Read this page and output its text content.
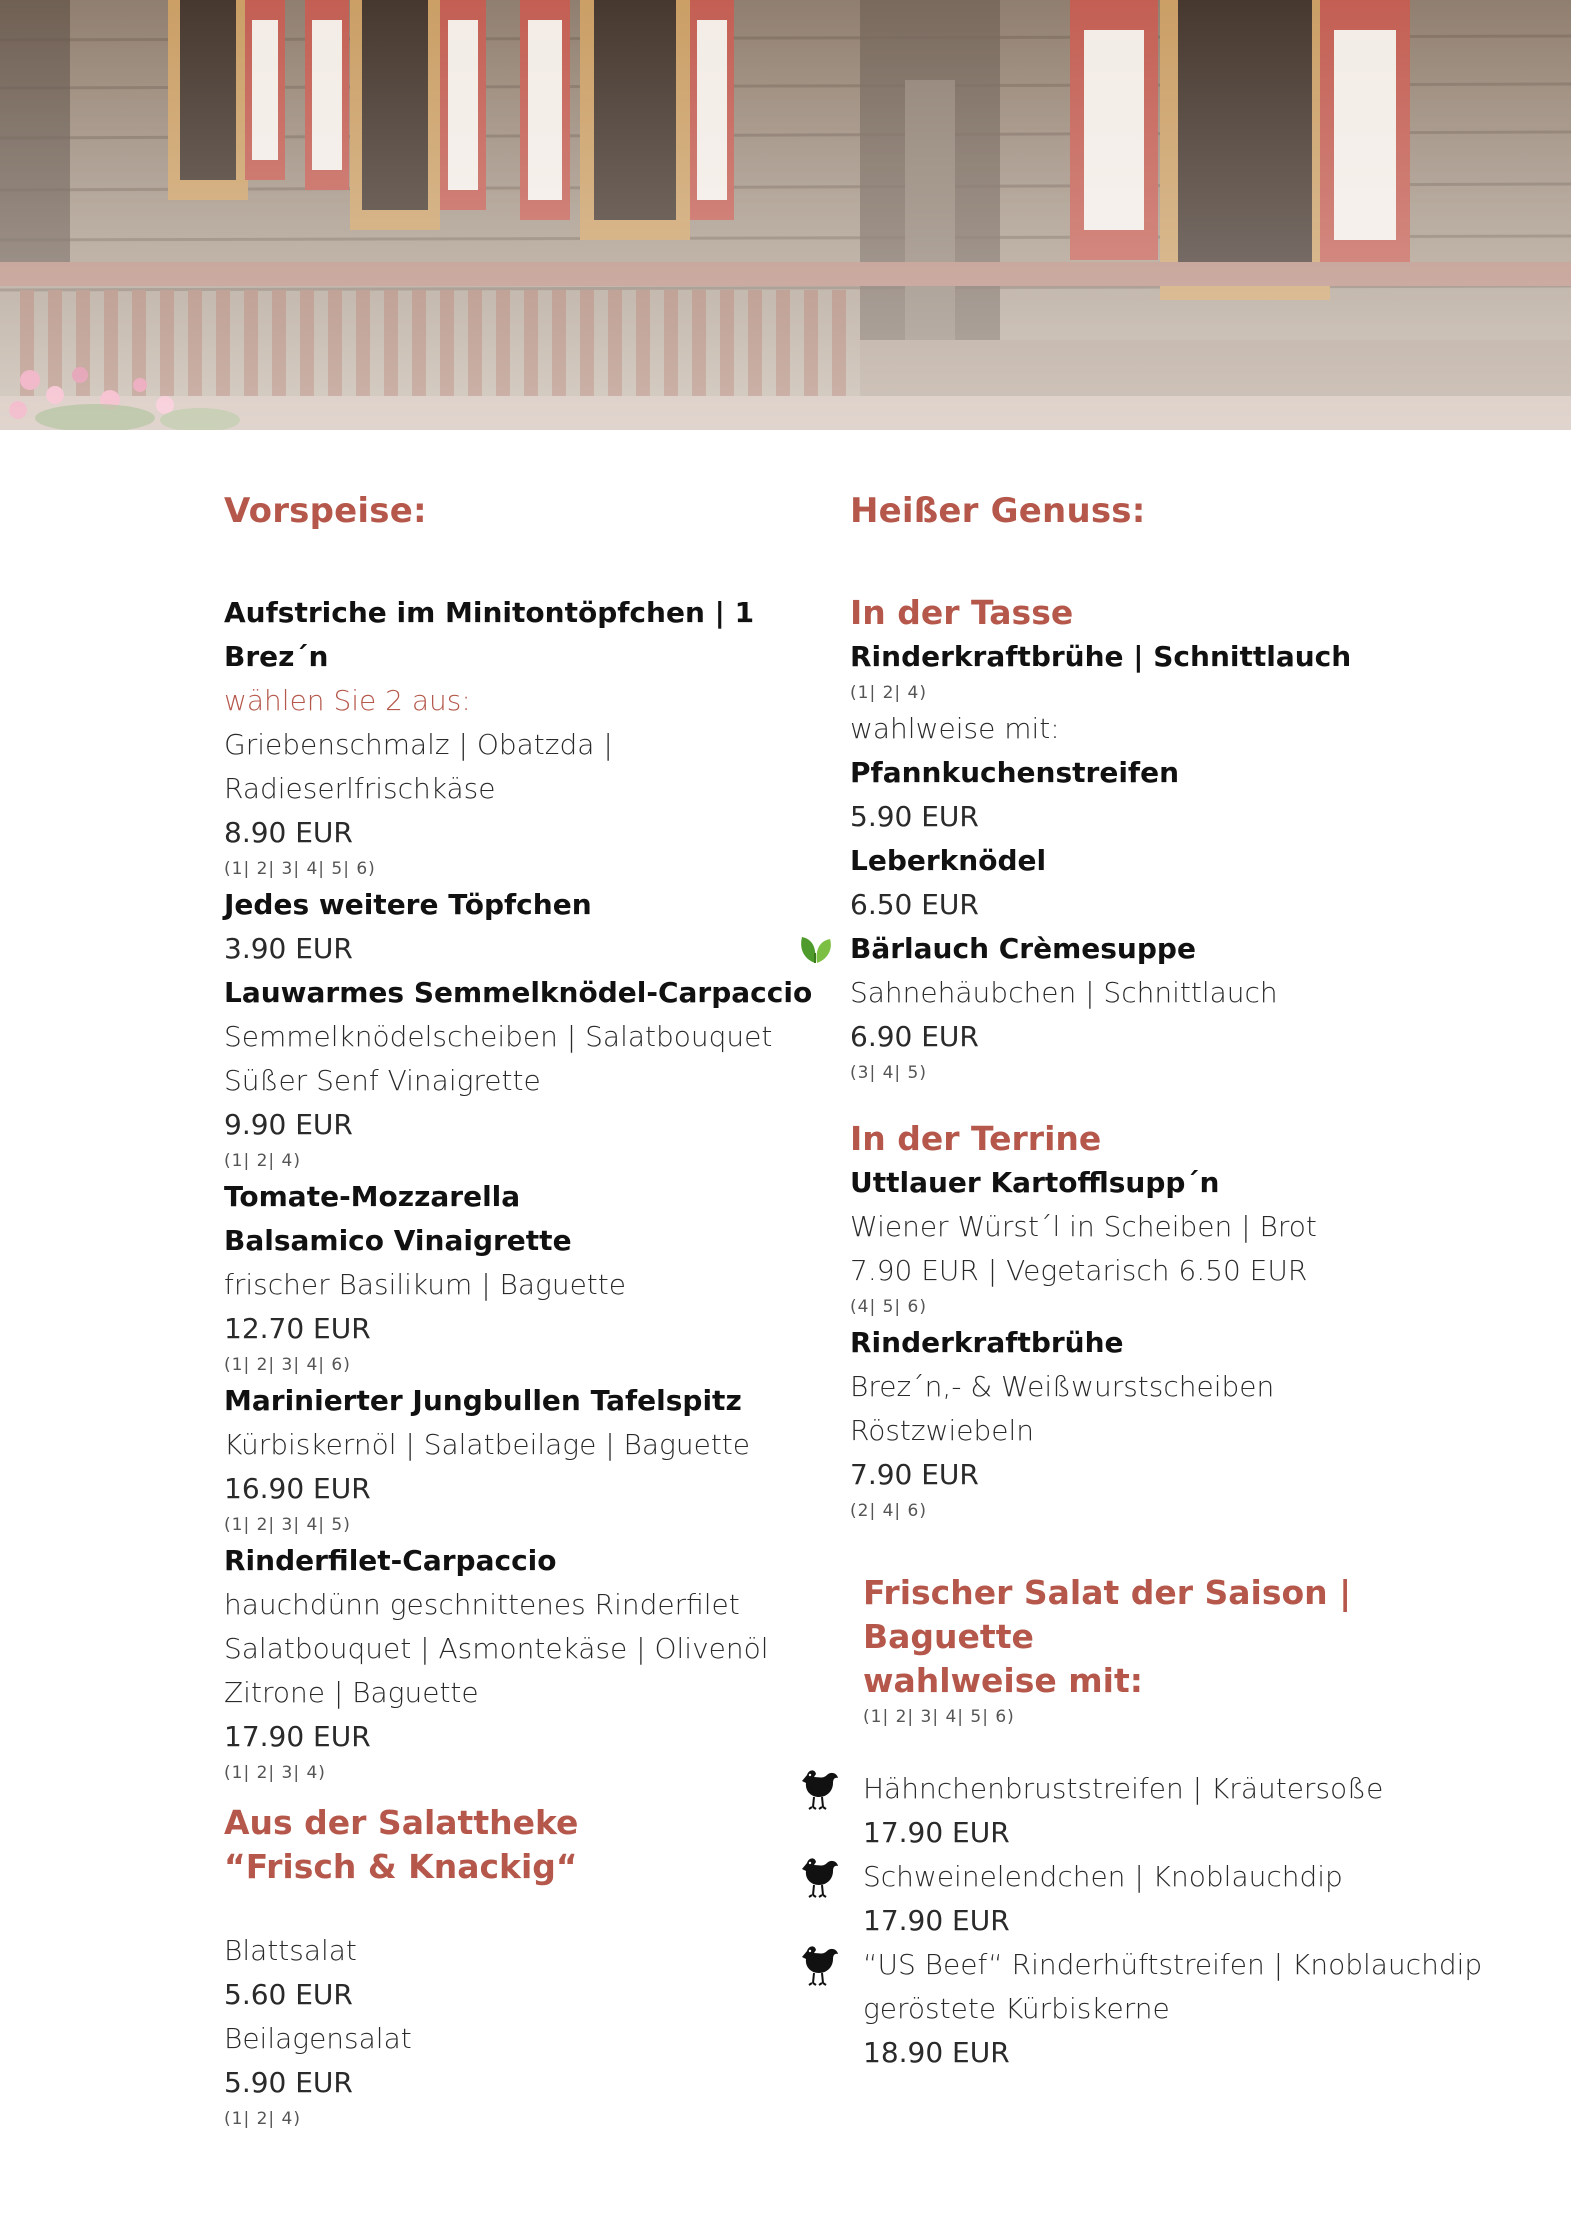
Vorspeise:
Aufstriche im Minitontöpfchen | 1 Brez´n
wählen Sie 2 aus:
Griebenschmalz | Obatzda | Radieserlfrischkäse
8.90 EUR
(1| 2| 3| 4| 5| 6)
Jedes weitere Töpfchen
3.90 EUR
Lauwarmes Semmelknödel-Carpaccio
Semmelknödelscheiben | Salatbouquet
Süßer Senf Vinaigrette
9.90 EUR
(1| 2| 4)
Tomate-Mozzarella
Balsamico Vinaigrette
frischer Basilikum | Baguette
12.70 EUR
(1| 2| 3| 4| 6)
Marinierter Jungbullen Tafelspitz
Kürbiskernöl | Salatbeilage | Baguette
16.90 EUR
(1| 2| 3| 4| 5)
Rinderfilet-Carpaccio
hauchdünn geschnittenes Rinderfilet
Salatbouquet | Asmontekäse | Olivenöl
Zitrone | Baguette
17.90 EUR
(1| 2| 3| 4)
Aus der Salattheke
“Frisch & Knackig“
Blattsalat
5.60 EUR
Beilagensalat
5.90 EUR
(1| 2| 4)
Heißer Genuss:
In der Tasse
Rinderkraftbrühe | Schnittlauch
(1| 2| 4)
wahlweise mit:
Pfannkuchenstreifen
5.90 EUR
Leberknödel
6.50 EUR
Bärlauch Crèmesuppe
Sahnehäubchen | Schnittlauch
6.90 EUR
(3| 4| 5)
In der Terrine
Uttlauer Kartofflsupp´n
Wiener Würst´l in Scheiben | Brot
7.90 EUR | Vegetarisch 6.50 EUR
(4| 5| 6)
Rinderkraftbrühe
Brez´n,- & Weißwurstscheiben
Röstzwiebeln
7.90 EUR
(2| 4| 6)
Frischer Salat der Saison | Baguette
wahlweise mit:
(1| 2| 3| 4| 5| 6)
Hähnchenbruststreifen | Kräutersoße
17.90 EUR
Schweinelendchen | Knoblauchdip
17.90 EUR
“US Beef“ Rinderhüftstreifen | Knoblauchdip
geröstete Kürbiskerne
18.90 EUR
